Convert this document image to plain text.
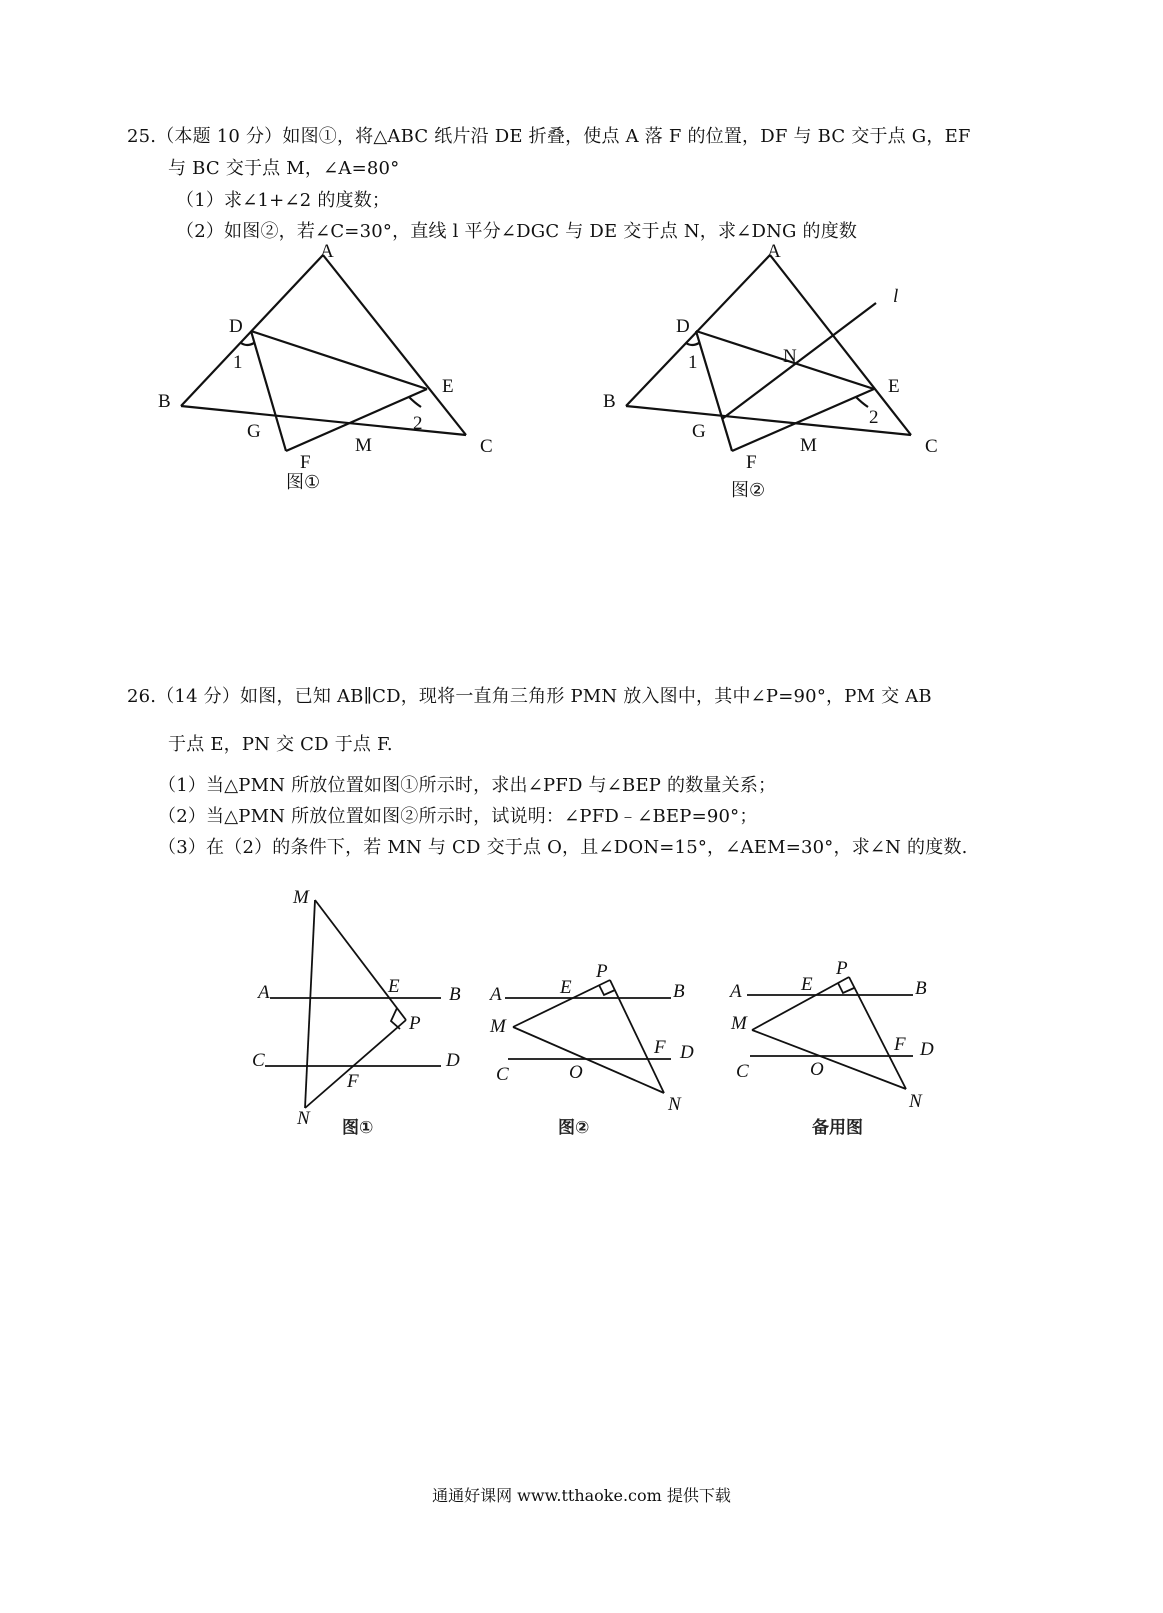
25.（本题 10 分）如图①，将△ABC 纸片沿 DE 折叠，使点 A 落 F 的位置，DF 与 BC 交于点 G，EF
与 BC 交于点 M，∠A=80°
（1）求∠1+∠2 的度数；
（2）如图②，若∠C=30°，直线 l 平分∠DGC 与 DE 交于点 N，求∠DNG 的度数
A
B
C
D
E
F
G
M
1
2
图①
A
B
C
D
E
F
G
M
N
l
1
2
图②
26.（14 分）如图，已知 AB∥CD，现将一直角三角形 PMN 放入图中，其中∠P=90°，PM 交 AB
于点 E，PN 交 CD 于点 F.
（1）当△PMN 所放位置如图①所示时，求出∠PFD 与∠BEP 的数量关系；
（2）当△PMN 所放位置如图②所示时，试说明：∠PFD﹣∠BEP=90°；
（3）在（2）的条件下，若 MN 与 CD 交于点 O，且∠DON=15°，∠AEM=30°，求∠N 的度数.
M
A	B
E
P
C	D
F
N 图①
P
A	E	B
M
F D
C	O
N
图②
P
A	E	B
M
F D
C	O
N
备用图
通通好课网 www.tthaoke.com 提供下载
